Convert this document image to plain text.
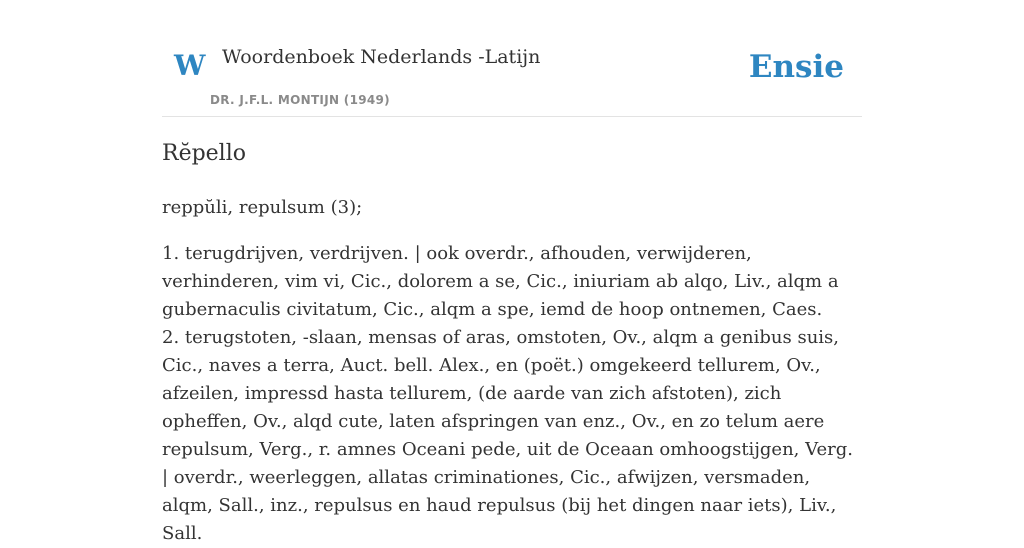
W Woordenboek Nederlands -Latijn
DR. J.F.L. MONTIJN (1949)
Ensie
Rĕpello

reppŭli, repulsum (3);

1. terugdrijven, verdrijven. | ook overdr., afhouden, verwijderen, verhinderen, vim vi, Cic., dolorem a se, Cic., iniuriam ab alqo, Liv., alqm a gubernaculis civitatum, Cic., alqm a spe, iemd de hoop ontnemen, Caes.

2. terugstoten, -slaan, mensas of aras, omstoten, Ov., alqm a genibus suis, Cic., naves a terra, Auct. bell. Alex., en (poët.) omgekeerd tellurem, Ov., afzeilen, impressd hasta tellurem, (de aarde van zich afstoten), zich opheffen, Ov., alqd cute, laten afspringen van enz., Ov., en zo telum aere repulsum, Verg., r. amnes Oceani pede, uit de Oceaan omhoogstijgen, Verg. | overdr., weerleggen, allatas criminationes, Cic., afwijzen, versmaden, alqm, Sall., inz., repulsus en haud repulsus (bij het dingen naar iets), Liv., Sall.
